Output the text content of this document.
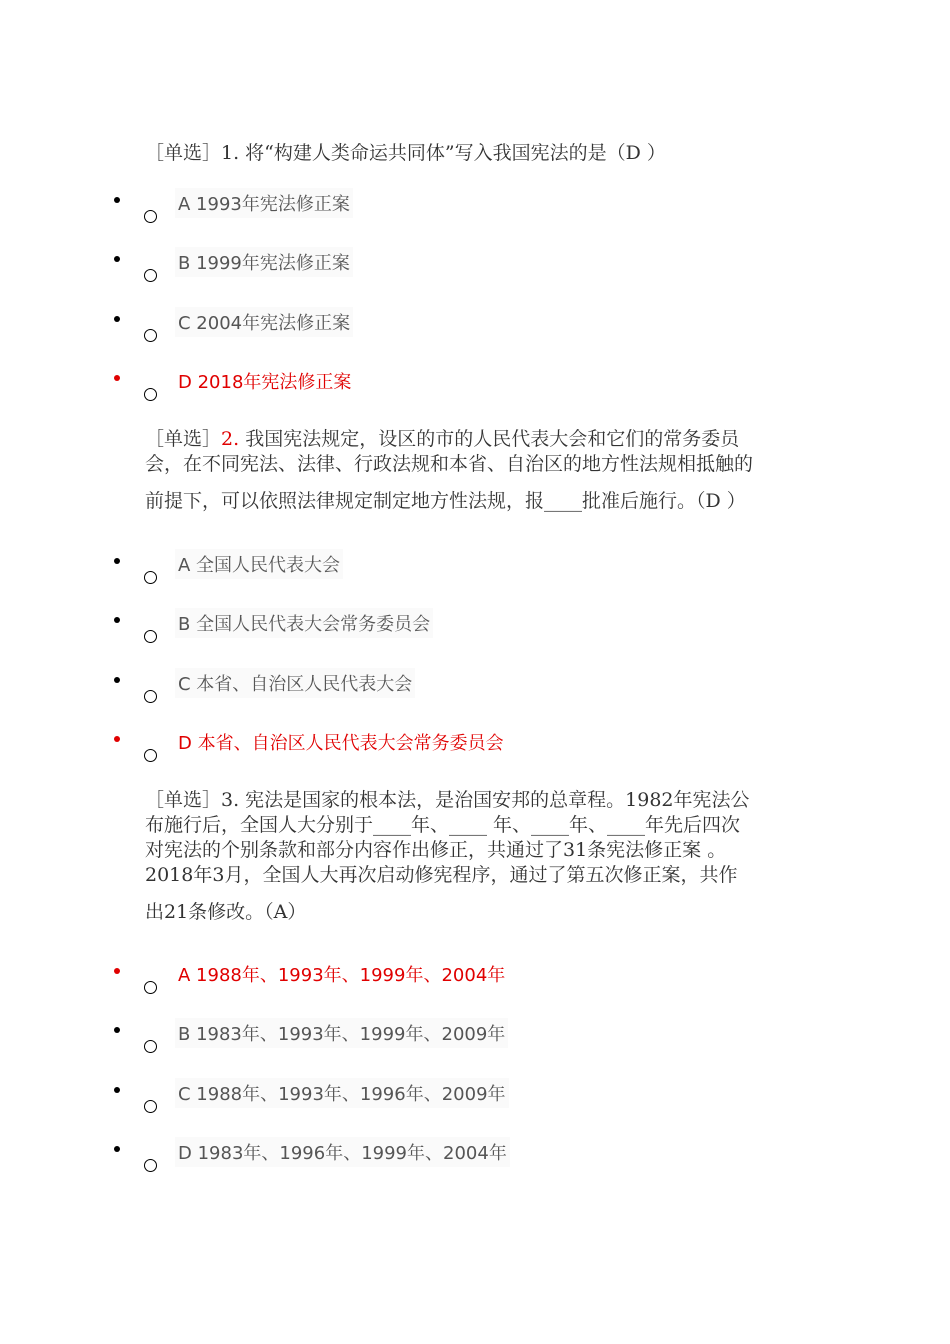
［单选］1. 将“构建人类命运共同体”写入我国宪法的是（D ）
A 1993年宪法修正案
B 1999年宪法修正案
C 2004年宪法修正案
D 2018年宪法修正案
［单选］2. 我国宪法规定，设区的市的人民代表大会和它们的常务委员
会，在不同宪法、法律、行政法规和本省、自治区的地方性法规相抵触的
前提下，可以依照法律规定制定地方性法规，报____批准后施行。（D ）
A 全国人民代表大会
B 全国人民代表大会常务委员会
C 本省、自治区人民代表大会
D 本省、自治区人民代表大会常务委员会
［单选］3. 宪法是国家的根本法，是治国安邦的总章程。1982年宪法公
布施行后，全国人大分别于____年、____ 年、____年、____年先后四次
对宪法的个别条款和部分内容作出修正，共通过了31条宪法修正案 。
2018年3月，全国人大再次启动修宪程序，通过了第五次修正案，共作
出21条修改。（A）
A 1988年、1993年、1999年、2004年
B 1983年、1993年、1999年、2009年
C 1988年、1993年、1996年、2009年
D 1983年、1996年、1999年、2004年
